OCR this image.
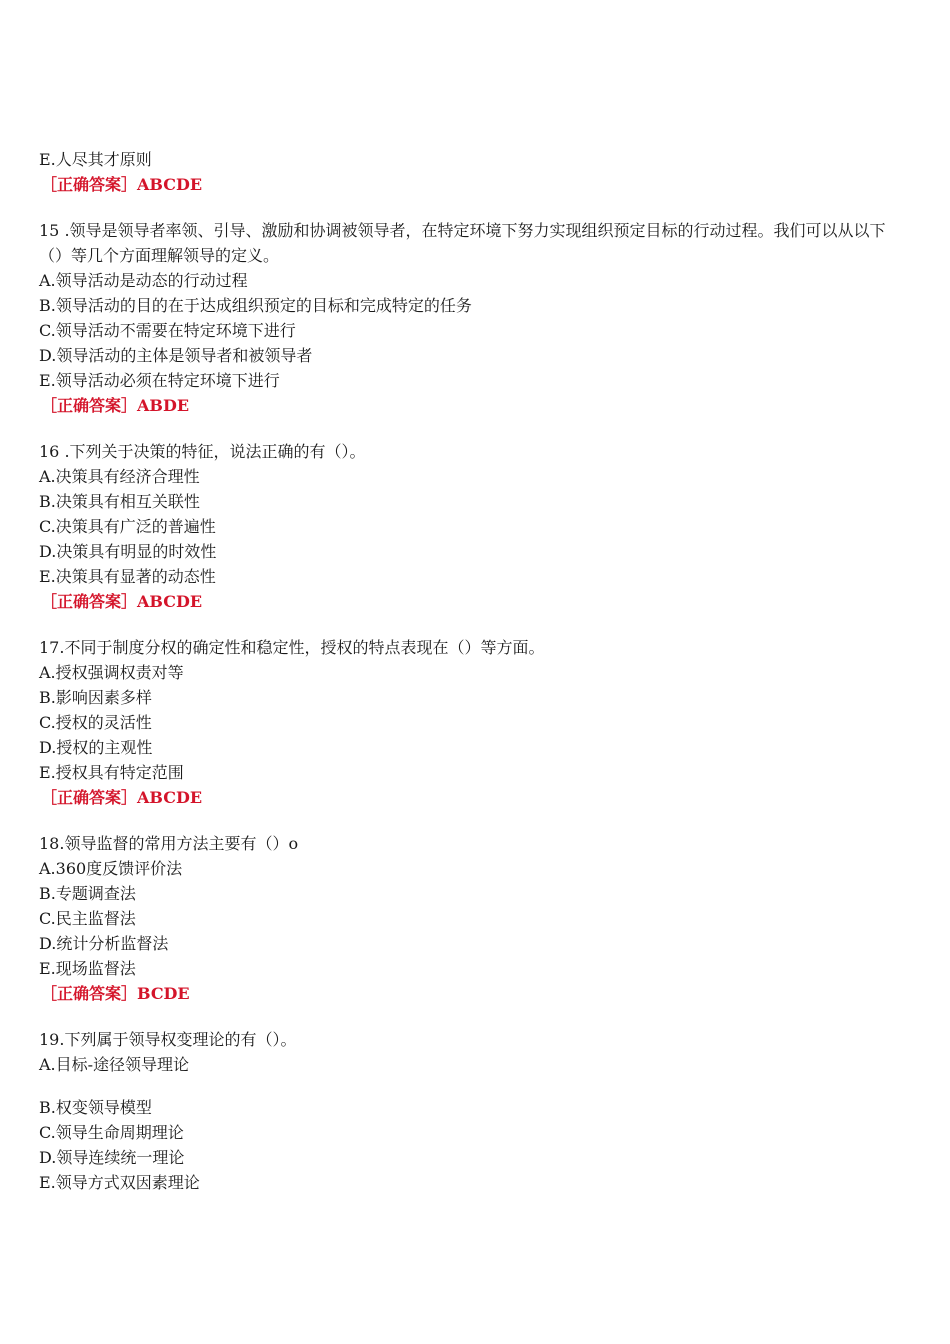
E.人尽其才原则
［正确答案］ABCDE
15 .领导是领导者率领、引导、激励和协调被领导者，在特定环境下努力实现组织预定目标的行动过程。我们可以从以下（）等几个方面理解领导的定义。
A.领导活动是动态的行动过程
B.领导活动的目的在于达成组织预定的目标和完成特定的任务
C.领导活动不需要在特定环境下进行
D.领导活动的主体是领导者和被领导者
E.领导活动必须在特定环境下进行
［正确答案］ABDE
16 .下列关于决策的特征，说法正确的有（）。
A.决策具有经济合理性
B.决策具有相互关联性
C.决策具有广泛的普遍性
D.决策具有明显的时效性
E.决策具有显著的动态性
［正确答案］ABCDE
17.不同于制度分权的确定性和稳定性，授权的特点表现在（）等方面。
A.授权强调权责对等
B.影响因素多样
C.授权的灵活性
D.授权的主观性
E.授权具有特定范围
［正确答案］ABCDE
18.领导监督的常用方法主要有（）o
A.360度反馈评价法
B.专题调查法
C.民主监督法
D.统计分析监督法
E.现场监督法
［正确答案］BCDE
19.下列属于领导权变理论的有（）。
A.目标-途径领导理论
B.权变领导模型
C.领导生命周期理论
D.领导连续统一理论
E.领导方式双因素理论
